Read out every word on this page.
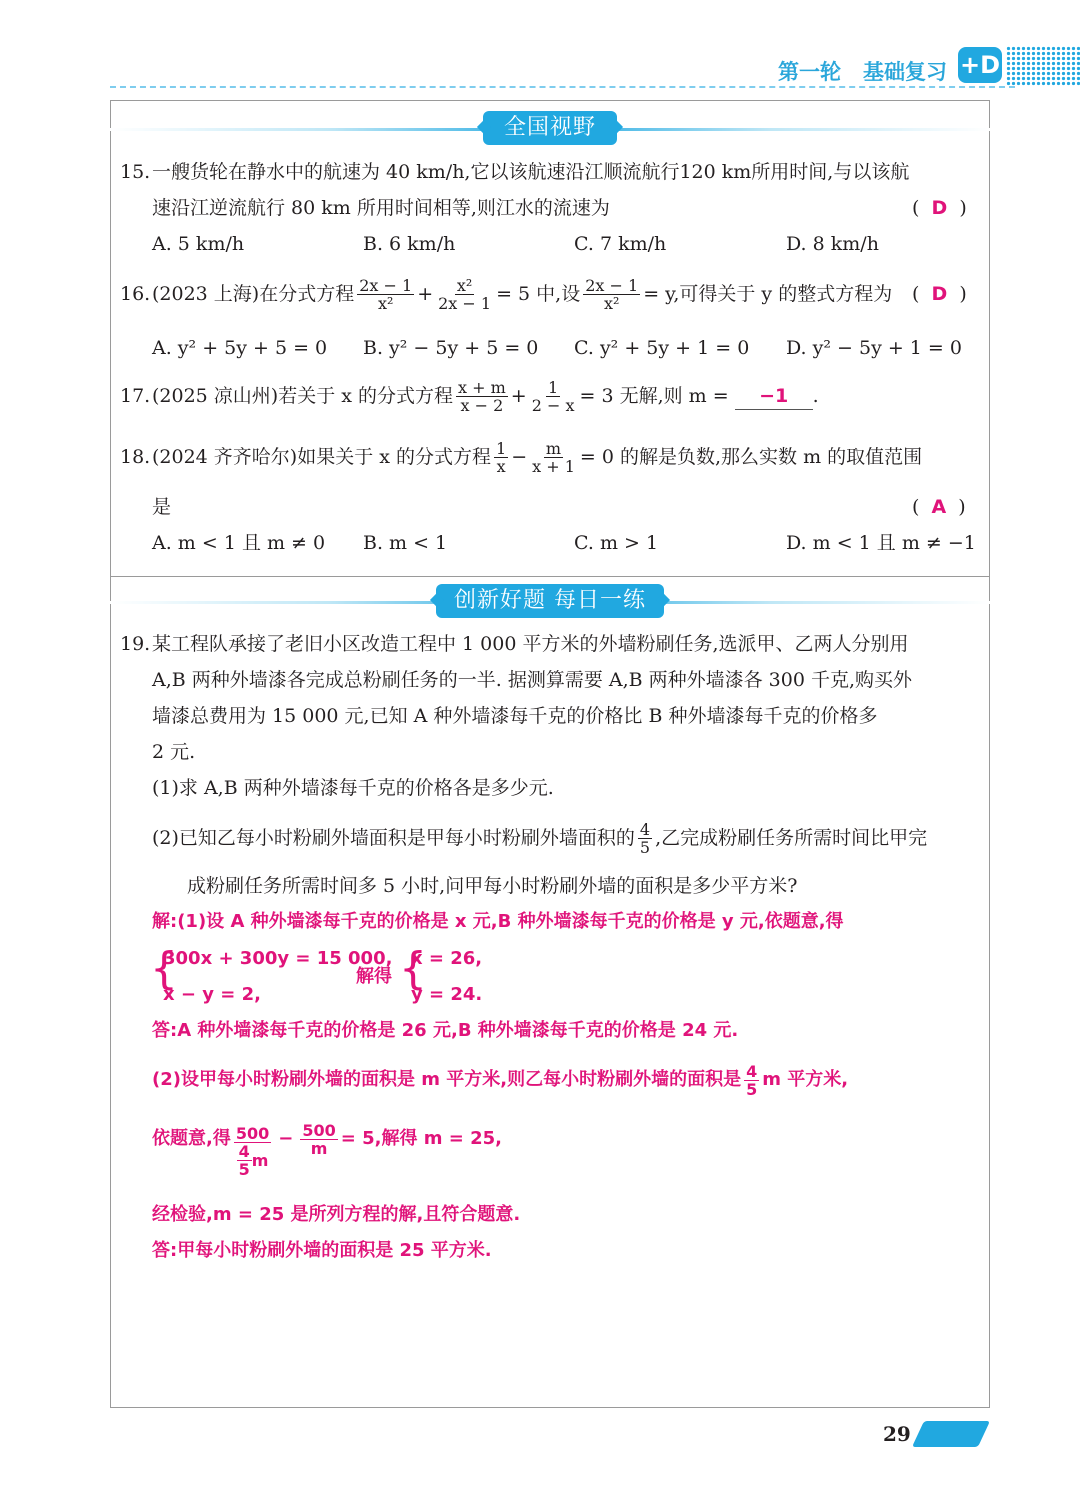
第一轮 基础复习 +D
全国视野
15. 一艘货轮在静水中的航速为 40 km/h,它以该航速沿江顺流航行120 km所用时间,与以该航
速沿江逆流航行 80 km 所用时间相等,则江水的流速为	(  D  )
A. 5 km/h	B. 6 km/h	C. 7 km/h	D. 8 km/h
16. (2023 上海)在分式方程 $\frac{2x - 1}{\text{x²}} + \frac{\text{x²}}{2x - 1} = 5$ 中,设 $\frac{2x - 1}{\text{x²}} = y$,可得关于 y 的整式方程为 (  D  )
A. y² + 5y + 5 = 0 B. y² − 5y + 5 = 0 C. y² + 5y + 1 = 0 D. y² − 5y + 1 = 0
17. (2025 凉山州)若关于 x 的分式方程 $\frac{x + m}{x - 2} + \frac{1}{2 - x} = 3$ 无解,则 m =	−1	.
18. (2024 齐齐哈尔)如果关于 x 的分式方程 $\frac{1}{x} - \frac{m}{x + 1} = 0$ 的解是负数,那么实数 m 的取值范围
是	(  A  )
A. m < 1 且 m ≠ 0 B. m < 1	C. m > 1	D. m < 1 且 m ≠ −1
创新好题 每日一练
19. 某工程队承接了老旧小区改造工程中 1 000 平方米的外墙粉刷任务,选派甲、乙两人分别用
A,B 两种外墙漆各完成总粉刷任务的一半. 据测算需要 A,B 两种外墙漆各 300 千克,购买外
墙漆总费用为 15 000 元,已知 A 种外墙漆每千克的价格比 B 种外墙漆每千克的价格多
2 元.
(1)求 A,B 两种外墙漆每千克的价格各是多少元.
(2)已知乙每小时粉刷外墙面积是甲每小时粉刷外墙面积的 $\frac{4}{5}$ ,乙完成粉刷任务所需时间比甲完
成粉刷任务所需时间多 5 小时,问甲每小时粉刷外墙的面积是多少平方米?
解:(1)设 A 种外墙漆每千克的价格是 x 元,B 种外墙漆每千克的价格是 y 元,依题意,得
{
300x + 300y = 15 000,
x − y = 2,
解得 {
x = 26,
y = 24.
答:A 种外墙漆每千克的价格是 26 元,B 种外墙漆每千克的价格是 24 元.
(2)设甲每小时粉刷外墙的面积是 m 平方米,则乙每小时粉刷外墙的面积是 $\frac{4}{5}$ m 平方米,
依题意,得 $\frac{500}{\frac{4}{5} m} - \frac{500}{m} = 5$,解得 m = 25,
经检验,m = 25 是所列方程的解,且符合题意.
答:甲每小时粉刷外墙的面积是 25 平方米.
29
